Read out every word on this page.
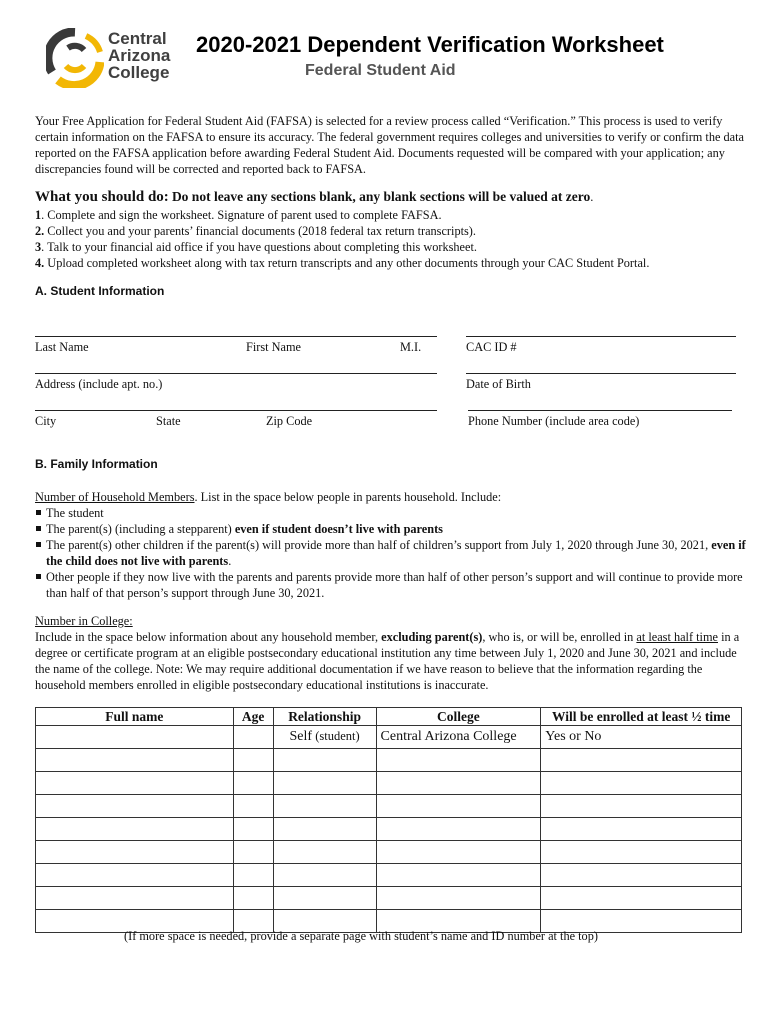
Central
Arizona
College
2020-2021 Dependent Verification Worksheet
Federal Student Aid
Your Free Application for Federal Student Aid (FAFSA) is selected for a review process called “Verification.” This process is used to verify certain information on the FAFSA to ensure its accuracy. The federal government requires colleges and universities to verify or confirm the data reported on the FAFSA application before awarding Federal Student Aid. Documents requested will be compared with your application; any discrepancies found will be corrected and reported back to FAFSA.
What you should do: Do not leave any sections blank, any blank sections will be valued at zero.
1. Complete and sign the worksheet. Signature of parent used to complete FAFSA.
2. Collect you and your parents’ financial documents (2018 federal tax return transcripts).
3. Talk to your financial aid office if you have questions about completing this worksheet.
4. Upload completed worksheet along with tax return transcripts and any other documents through your CAC Student Portal.
A. Student Information
Last Name	First Name	M.I.	CAC ID #
Address (include apt. no.)	Date of Birth
City	State	Zip Code	Phone Number (include area code)
B. Family Information
Number of Household Members. List in the space below people in parents household. Include:
The student
The parent(s) (including a stepparent) even if student doesn’t live with parents
The parent(s) other children if the parent(s) will provide more than half of children’s support from July 1, 2020 through June 30, 2021, even if the child does not live with parents.
Other people if they now live with the parents and parents provide more than half of other person’s support and will continue to provide more than half of that person’s support through June 30, 2021.
Number in College:
Include in the space below information about any household member, excluding parent(s), who is, or will be, enrolled in at least half time in a degree or certificate program at an eligible postsecondary educational institution any time between July 1, 2020 and June 30, 2021 and include the name of the college. Note: We may require additional documentation if we have reason to believe that the information regarding the household members enrolled in eligible postsecondary educational institutions is inaccurate.
Full name	Age	Relationship	College	Will be enrolled at least ½ time
		Self (student)	Central Arizona College	Yes or No

(If more space is needed, provide a separate page with student’s name and ID number at the top)
